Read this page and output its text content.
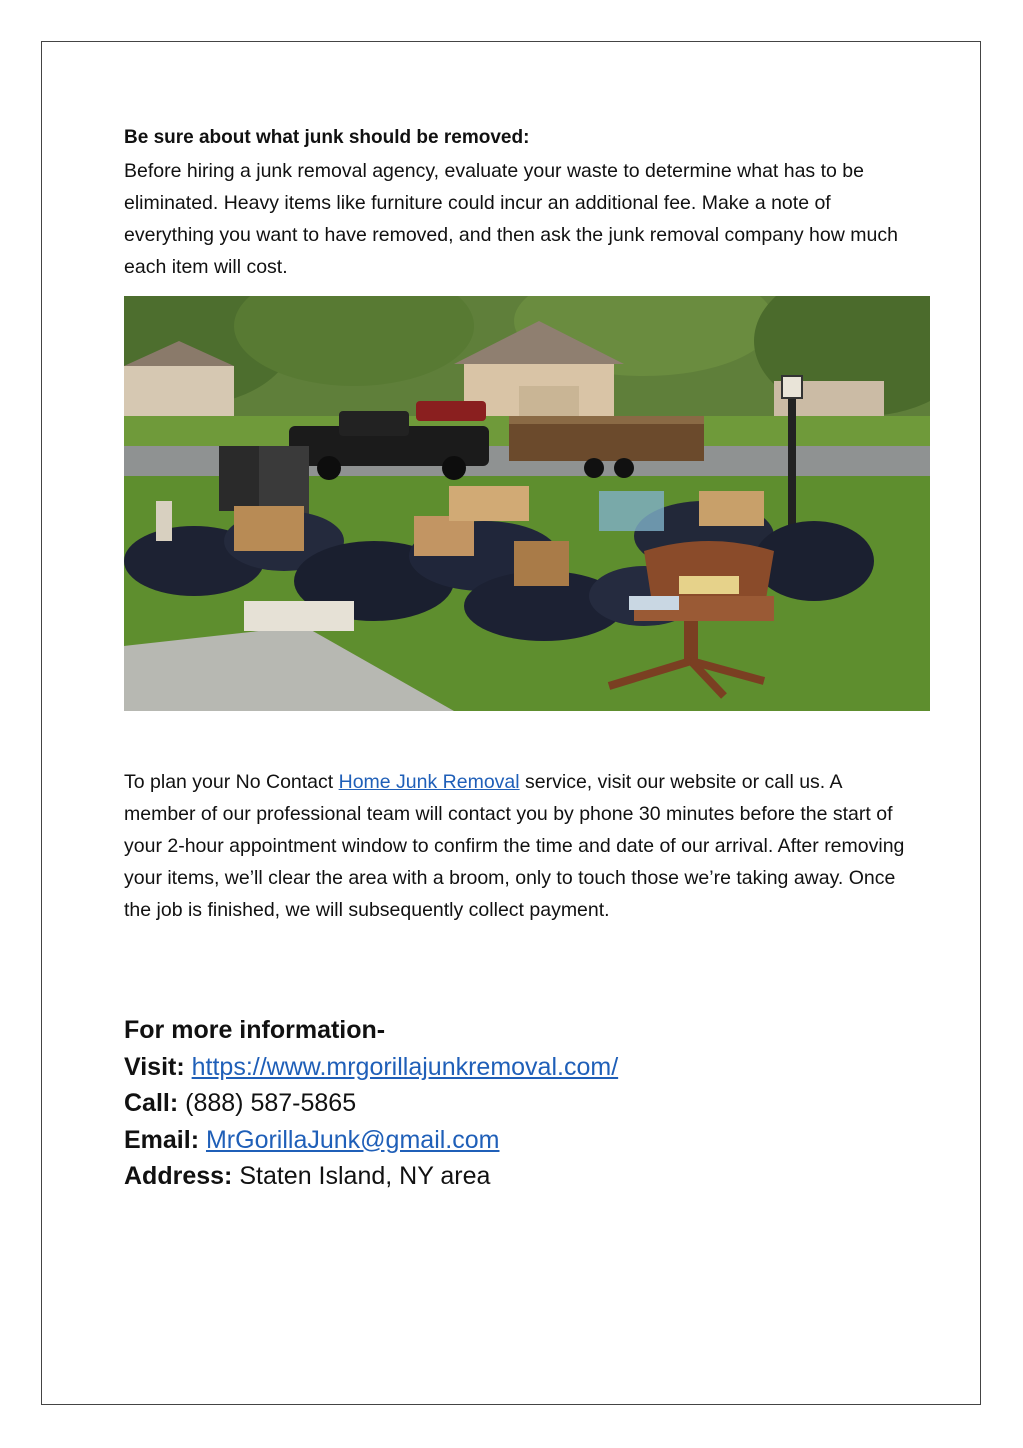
Be sure about what junk should be removed:

Before hiring a junk removal agency, evaluate your waste to determine what has to be eliminated. Heavy items like furniture could incur an additional fee. Make a note of everything you want to have removed, and then ask the junk removal company how much each item will cost.

To plan your No Contact Home Junk Removal service, visit our website or call us. A member of our professional team will contact you by phone 30 minutes before the start of your 2-hour appointment window to confirm the time and date of our arrival. After removing your items, we’ll clear the area with a broom, only to touch those we’re taking away. Once the job is finished, we will subsequently collect payment.

For more information-
Visit: https://www.mrgorillajunkremoval.com/
Call: (888) 587-5865
Email: MrGorillaJunk@gmail.com
Address: Staten Island, NY area
